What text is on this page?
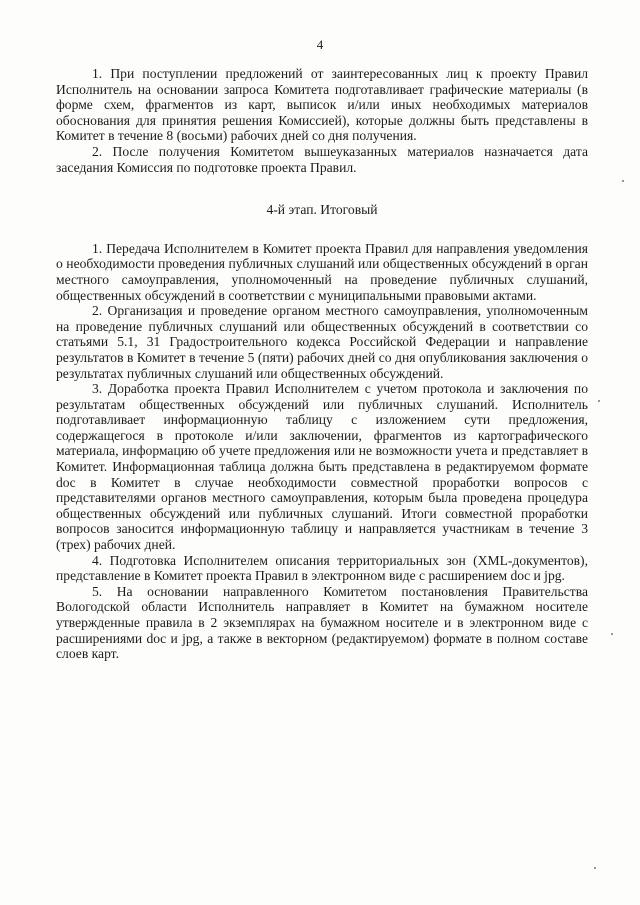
4

1. При поступлении предложений от заинтересованных лиц к проекту Правил Исполнитель на основании запроса Комитета подготавливает графические материалы (в форме схем, фрагментов из карт, выписок и/или иных необходимых материалов обоснования для принятия решения Комиссией), которые должны быть представлены в Комитет в течение 8 (восьми) рабочих дней со дня получения.

2. После получения Комитетом вышеуказанных материалов назначается дата заседания Комиссия по подготовке проекта Правил.

4-й этап. Итоговый

1. Передача Исполнителем в Комитет проекта Правил для направления уведомления о необходимости проведения публичных слушаний или общественных обсуждений в орган местного самоуправления, уполномоченный на проведение публичных слушаний, общественных обсуждений в соответствии с муниципальными правовыми актами.

2. Организация и проведение органом местного самоуправления, уполномоченным на проведение публичных слушаний или общественных обсуждений в соответствии со статьями 5.1, 31 Градостроительного кодекса Российской Федерации и направление результатов в Комитет в течение 5 (пяти) рабочих дней со дня опубликования заключения о результатах публичных слушаний или общественных обсуждений.

3. Доработка проекта Правил Исполнителем с учетом протокола и заключения по результатам общественных обсуждений или публичных слушаний. Исполнитель подготавливает информационную таблицу с изложением сути предложения, содержащегося в протоколе и/или заключении, фрагментов из картографического материала, информацию об учете предложения или не возможности учета и представляет в Комитет. Информационная таблица должна быть представлена в редактируемом формате doc в Комитет в случае необходимости совместной проработки вопросов с представителями органов местного самоуправления, которым была проведена процедура общественных обсуждений или публичных слушаний. Итоги совместной проработки вопросов заносится информационную таблицу и направляется участникам в течение 3 (трех) рабочих дней.

4. Подготовка Исполнителем описания территориальных зон (XML-документов), представление в Комитет проекта Правил в электронном виде с расширением doc и jpg.

5. На основании направленного Комитетом постановления Правительства Вологодской области Исполнитель направляет в Комитет на бумажном носителе утвержденные правила в 2 экземплярах на бумажном носителе и в электронном виде с расширениями doc и jpg, а также в векторном (редактируемом) формате в полном составе слоев карт.
